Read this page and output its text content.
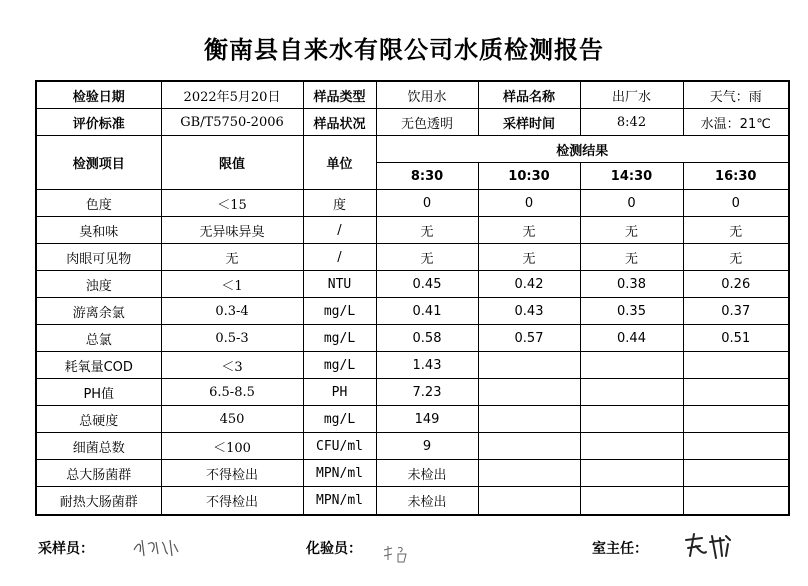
衡南县自来水有限公司水质检测报告
检验日期	2022年5月20日	样品类型	饮用水	样品名称	出厂水	天气：雨
评价标准	GB/T5750-2006	样品状况	无色透明	采样时间	8:42	水温：21℃
检测项目	限值	单位	检测结果			
			8:30	10:30	14:30	16:30
色度	＜15	度	0	0	0	0
臭和味	无异味异臭	/	无	无	无	无
肉眼可见物	无	/	无	无	无	无
浊度	＜1	NTU	0.45	0.42	0.38	0.26
游离余氯	0.3-4	mg/L	0.41	0.43	0.35	0.37
总氯	0.5-3	mg/L	0.58	0.57	0.44	0.51
耗氧量COD	＜3	mg/L	1.43			
PH值	6.5-8.5	PH	7.23			
总硬度	450	mg/L	149			
细菌总数	＜100	CFU/ml	9			
总大肠菌群	不得检出	MPN/ml	未检出			
耐热大肠菌群	不得检出	MPN/ml	未检出			
采样员：	化验员：	室主任：
